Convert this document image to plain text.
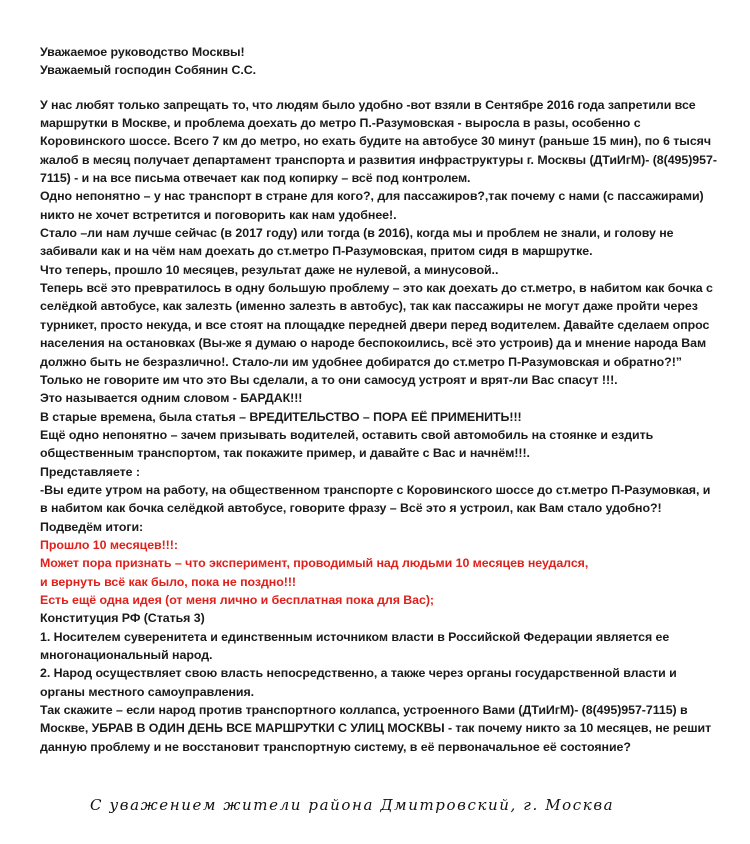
Уважаемое руководство Москвы!

Уважаемый господин Собянин С.С.

У нас любят только запрещать то, что людям было удобно -вот взяли в Сентябре 2016 года запретили все маршрутки в Москве, и проблема доехать до метро П.-Разумовская - выросла в разы, особенно с Коровинского шоссе. Всего 7 км до метро, но ехать будите на автобусе 30 минут (раньше 15 мин), по 6 тысяч жалоб в месяц получает департамент транспорта и развития инфраструктуры г. Москвы (ДТиИгМ)- (8(495)957-7115) - и на все письма отвечает как под копирку – всё под контролем.

Одно непонятно – у нас транспорт в стране для кого?, для пассажиров?,так почему с нами (с пассажирами) никто не хочет встретится и поговорить как нам удобнее!.

Стало –ли нам лучше сейчас (в 2017 году) или тогда (в 2016), когда мы и проблем не знали, и голову не забивали как и на чём нам доехать до ст.метро П-Разумовская, притом сидя в маршрутке.

Что теперь, прошло 10 месяцев, результат даже не нулевой, а минусовой..

Теперь всё это превратилось в одну большую проблему – это как доехать до ст.метро, в набитом как бочка с селёдкой автобусе, как залезть (именно залезть в автобус), так как пассажиры не могут даже пройти через турникет, просто некуда, и все стоят на площадке передней двери перед водителем. Давайте сделаем опрос населения на остановках (Вы-же я думаю о народе беспокоились, всё это устроив) да и мнение народа Вам должно быть не безразлично!. Стало-ли им удобнее добиратся до ст.метро П-Разумовская и обратно?!” Только не говорите им что это Вы сделали, а то они самосуд устроят и врят-ли Вас спасут !!!.

Это называется одним словом - БАРДАК!!!

В старые времена, была статья – ВРЕДИТЕЛЬСТВО – ПОРА ЕЁ ПРИМЕНИТЬ!!!

Ещё одно непонятно – зачем призывать водителей, оставить свой автомобиль на стоянке и ездить общественным транспортом, так покажите пример, и давайте с Вас и начнём!!!.

Представляете :

-Вы едите утром на работу, на общественном транспорте с Коровинского шоссе до ст.метро П-Разумовкая, и в набитом как бочка селёдкой автобусе, говорите фразу – Всё это я устроил, как Вам стало удобно?!

Подведём итоги:

Прошло 10 месяцев!!!:

Может пора признать – что эксперимент, проводимый над людьми 10 месяцев неудался,

и вернуть всё как было, пока не поздно!!!

Есть ещё одна идея (от меня лично и бесплатная пока для Вас);

Конституция РФ (Статья 3)

1. Носителем суверенитета и единственным источником власти в Российской Федерации является ее многонациональный народ.

2. Народ осуществляет свою власть непосредственно, а также через органы государственной власти и органы местного самоуправления.

Так скажите – если народ против транспортного коллапса, устроенного Вами (ДТиИгМ)- (8(495)957-7115) в Москве, УБРАВ В ОДИН ДЕНЬ ВСЕ МАРШРУТКИ С УЛИЦ МОСКВЫ - так почему никто за 10 месяцев, не решит данную проблему и не восстановит транспортную систему, в её первоначальное её состояние?

С уважением жители района Дмитровский, г. Москва
